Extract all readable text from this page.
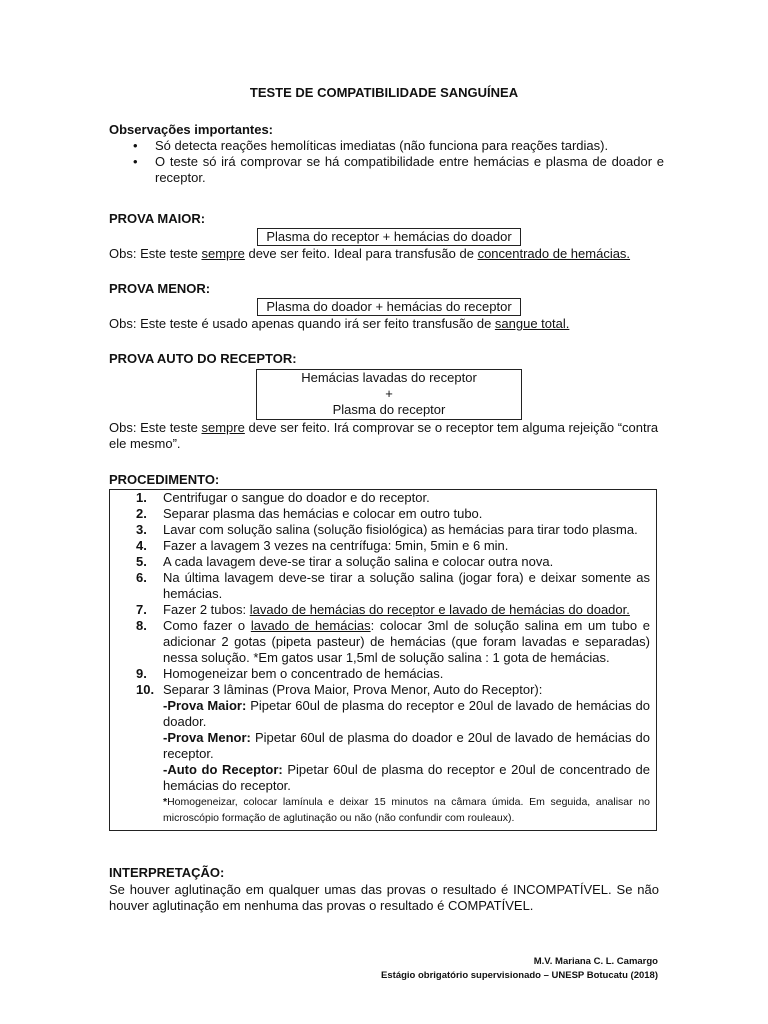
TESTE DE COMPATIBILIDADE SANGUÍNEA
Observações importantes:
• Só detecta reações hemolíticas imediatas (não funciona para reações tardias).
• O teste só irá comprovar se há compatibilidade entre hemácias e plasma de doador e receptor.
PROVA MAIOR:
Plasma do receptor + hemácias do doador
Obs: Este teste sempre deve ser feito. Ideal para transfusão de concentrado de hemácias.
PROVA MENOR:
Plasma do doador + hemácias do receptor
Obs: Este teste é usado apenas quando irá ser feito transfusão de sangue total.
PROVA AUTO DO RECEPTOR:
Hemácias lavadas do receptor
+
Plasma do receptor
Obs: Este teste sempre deve ser feito. Irá comprovar se o receptor tem alguma rejeição “contra ele mesmo”.
PROCEDIMENTO:
1.	Centrifugar o sangue do doador e do receptor.
2.	Separar plasma das hemácias e colocar em outro tubo.
3.	Lavar com solução salina (solução fisiológica) as hemácias para tirar todo plasma.
4.	Fazer a lavagem 3 vezes na centrífuga: 5min, 5min e 6 min.
5.	A cada lavagem deve-se tirar a solução salina e colocar outra nova.
6.	Na última lavagem deve-se tirar a solução salina (jogar fora) e deixar somente as hemácias.
7.	Fazer 2 tubos: lavado de hemácias do receptor e lavado de hemácias do doador.
8.	Como fazer o lavado de hemácias: colocar 3ml de solução salina em um tubo e adicionar 2 gotas (pipeta pasteur) de hemácias (que foram lavadas e separadas) nessa solução. *Em gatos usar 1,5ml de solução salina : 1 gota de hemácias.
9.	Homogeneizar bem o concentrado de hemácias.
10. Separar 3 lâminas (Prova Maior, Prova Menor, Auto do Receptor):
-Prova Maior: Pipetar 60ul de plasma do receptor e 20ul de lavado de hemácias do doador.
-Prova Menor: Pipetar 60ul de plasma do doador e 20ul de lavado de hemácias do receptor.
-Auto do Receptor: Pipetar 60ul de plasma do receptor e 20ul de concentrado de hemácias do receptor.
*Homogeneizar, colocar lamínula e deixar 15 minutos na câmara úmida. Em seguida, analisar no microscópio formação de aglutinação ou não (não confundir com rouleaux).
INTERPRETAÇÃO:
Se houver aglutinação em qualquer umas das provas o resultado é INCOMPATÍVEL. Se não houver aglutinação em nenhuma das provas o resultado é COMPATÍVEL.
M.V. Mariana C. L. Camargo
Estágio obrigatório supervisionado – UNESP Botucatu (2018)
